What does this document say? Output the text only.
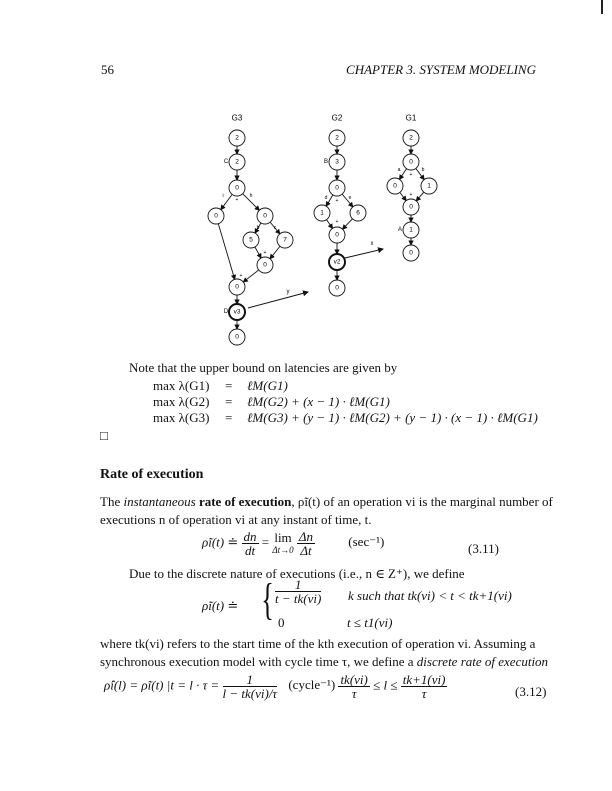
56	CHAPTER 3. SYSTEM MODELING
G3
2
2
0
0	0
5	7
0
0
v3
0
C
D
i	h
+
b	c
+
+
G2
2
3
0
1	6
0
v2
0
B
d	e
+
+
G1
2
0
0	1
0
1
0
A
a	b
+
+
x
y
Note that the upper bound on latencies are given by
max λ(G1) = ℓM(G1)
max λ(G2) = ℓM(G2) + (x − 1) · ℓM(G1)
max λ(G3) = ℓM(G3) + (y − 1) · ℓM(G2) + (y − 1) · (x − 1) · ℓM(G1)
□
Rate of execution
The instantaneous rate of execution, ρ̃i(t) of an operation vi is the marginal number of
executions n of operation vi at any instant of time, t.
ρ̃i(t) ≐ $\frac{dn}{dt} = \lim$
Δt→0
$\frac{\Delta n}{\Delta t}$	(sec⁻¹)	(3.11)
Due to the discrete nature of executions (i.e., n ∈ Z⁺), we define
ρ̃i(t) ≐ { $\frac{1}{t - tk(vi)}$ k such that tk(vi) < t < tk+1(vi)
0	t ≤ t1(vi)
where tk(vi) refers to the start time of the kth execution of operation vi. Assuming a
synchronous execution model with cycle time τ, we define a discrete rate of execution
ρ̂i(l) = ρ̃i(t) $|t = l \cdot \tau = \frac{1}{l - tk(vi)/\tau}$ (cycle⁻¹) $\frac{tk(vi)}{\tau} \le l \le \frac{tk+1(vi)}{\tau}$	(3.12)
